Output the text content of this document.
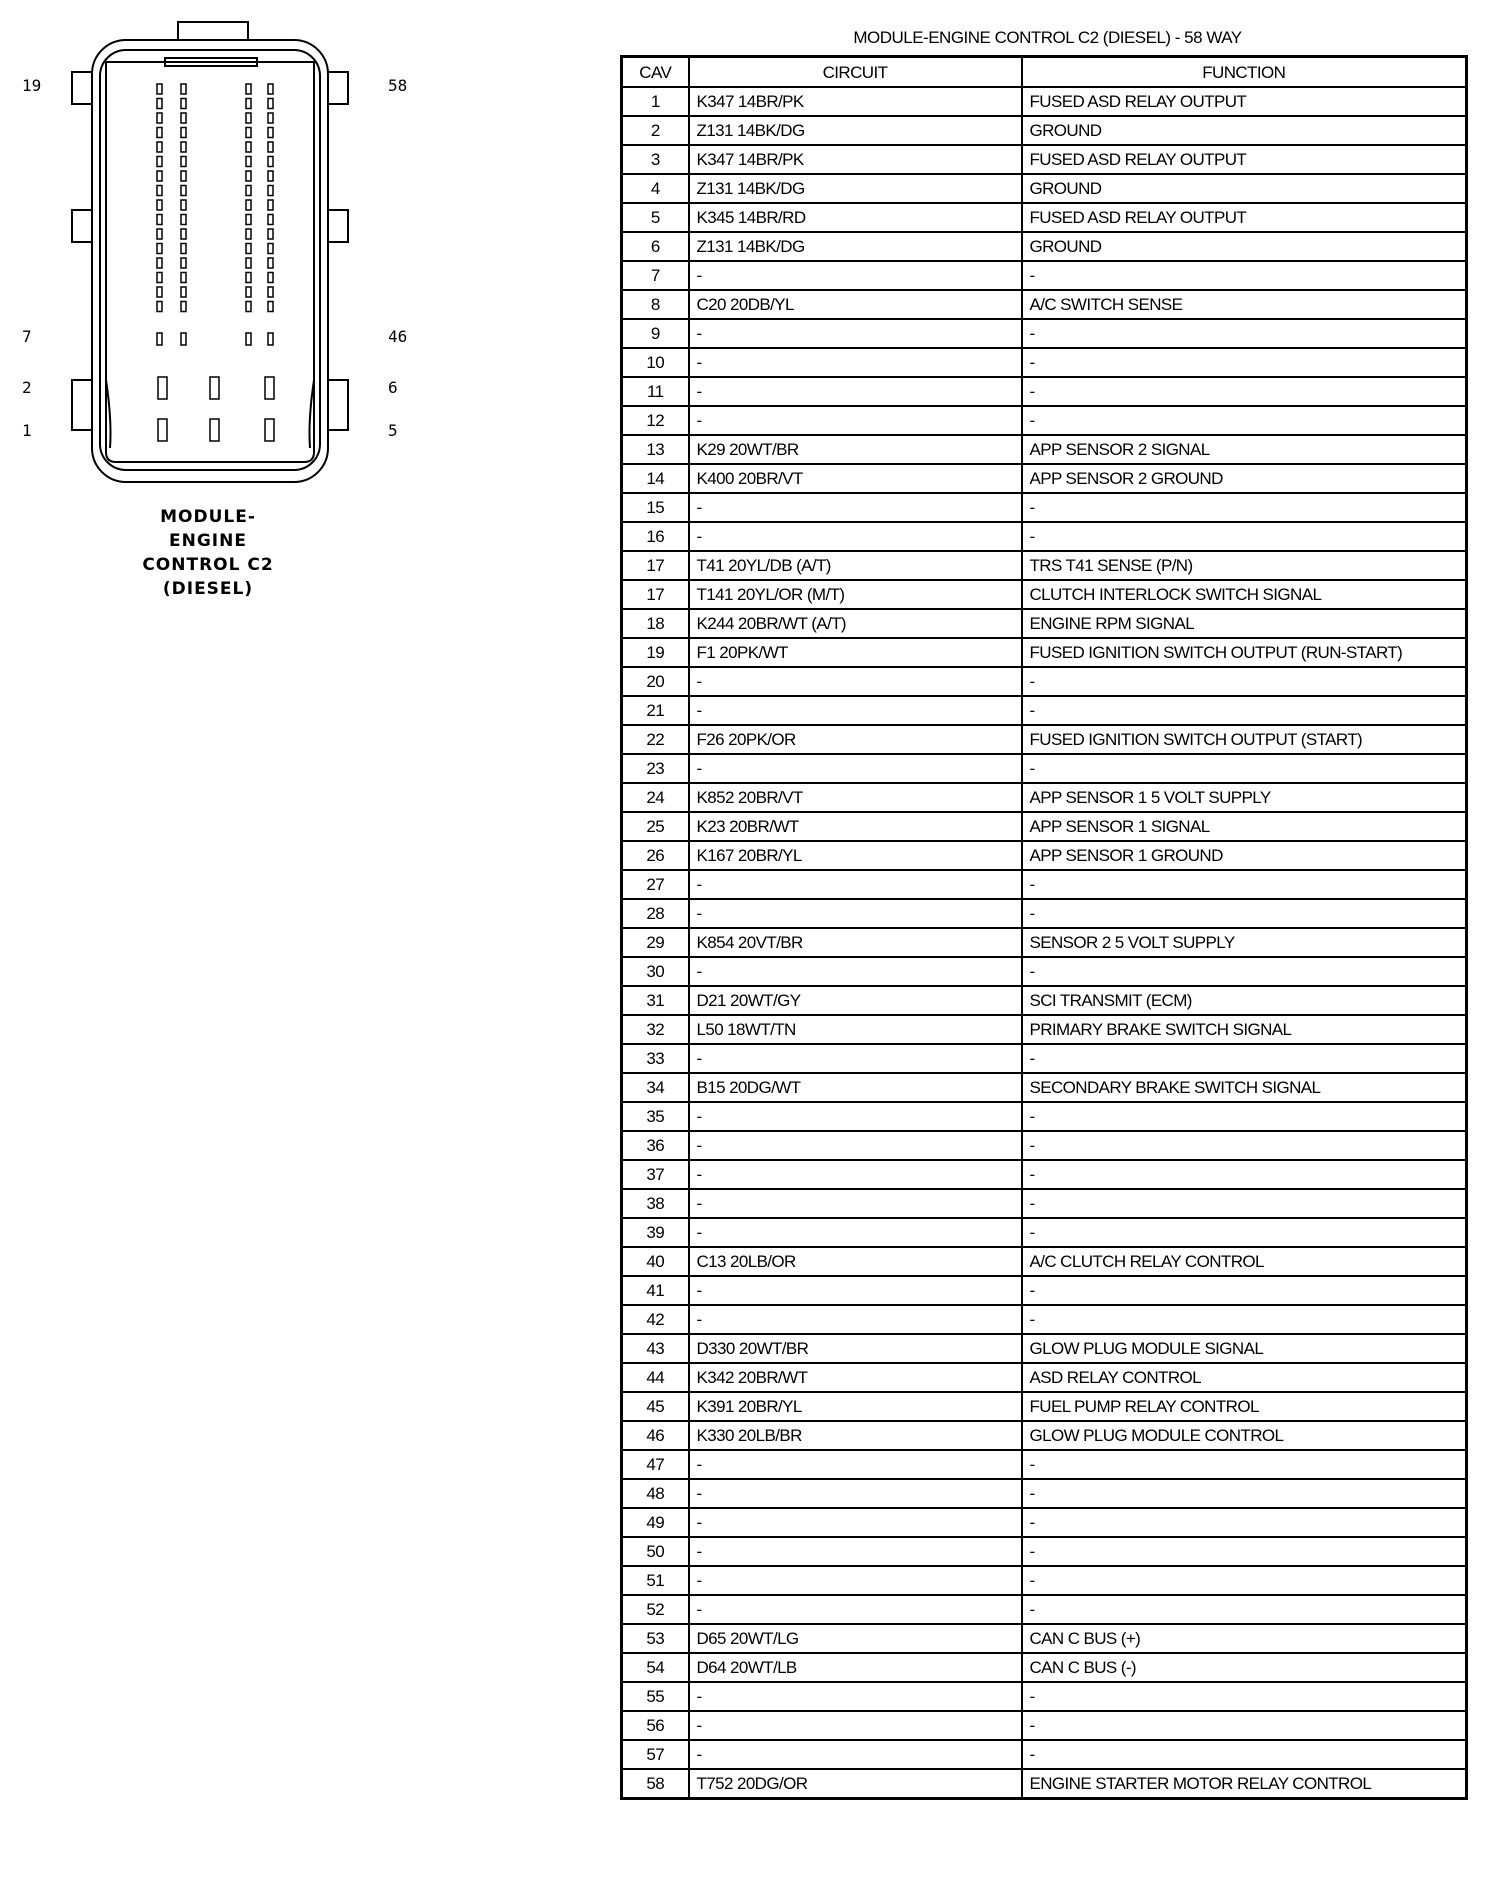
19
7
2
1
58
46
6
5
MODULE-
ENGINE
CONTROL C2
(DIESEL)
MODULE-ENGINE CONTROL C2 (DIESEL) - 58 WAY
CAV	CIRCUIT	FUNCTION
1	K347 14BR/PK	FUSED ASD RELAY OUTPUT
2	Z131 14BK/DG	GROUND
3	K347 14BR/PK	FUSED ASD RELAY OUTPUT
4	Z131 14BK/DG	GROUND
5	K345 14BR/RD	FUSED ASD RELAY OUTPUT
6	Z131 14BK/DG	GROUND
7	-	-
8	C20 20DB/YL	A/C SWITCH SENSE
9	-	-
10	-	-
11	-	-
12	-	-
13	K29 20WT/BR	APP SENSOR 2 SIGNAL
14	K400 20BR/VT	APP SENSOR 2 GROUND
15	-	-
16	-	-
17	T41 20YL/DB (A/T)	TRS T41 SENSE (P/N)
17	T141 20YL/OR (M/T)	CLUTCH INTERLOCK SWITCH SIGNAL
18	K244 20BR/WT (A/T)	ENGINE RPM SIGNAL
19	F1 20PK/WT	FUSED IGNITION SWITCH OUTPUT (RUN-START)
20	-	-
21	-	-
22	F26 20PK/OR	FUSED IGNITION SWITCH OUTPUT (START)
23	-	-
24	K852 20BR/VT	APP SENSOR 1 5 VOLT SUPPLY
25	K23 20BR/WT	APP SENSOR 1 SIGNAL
26	K167 20BR/YL	APP SENSOR 1 GROUND
27	-	-
28	-	-
29	K854 20VT/BR	SENSOR 2 5 VOLT SUPPLY
30	-	-
31	D21 20WT/GY	SCI TRANSMIT (ECM)
32	L50 18WT/TN	PRIMARY BRAKE SWITCH SIGNAL
33	-	-
34	B15 20DG/WT	SECONDARY BRAKE SWITCH SIGNAL
35	-	-
36	-	-
37	-	-
38	-	-
39	-	-
40	C13 20LB/OR	A/C CLUTCH RELAY CONTROL
41	-	-
42	-	-
43	D330 20WT/BR	GLOW PLUG MODULE SIGNAL
44	K342 20BR/WT	ASD RELAY CONTROL
45	K391 20BR/YL	FUEL PUMP RELAY CONTROL
46	K330 20LB/BR	GLOW PLUG MODULE CONTROL
47	-	-
48	-	-
49	-	-
50	-	-
51	-	-
52	-	-
53	D65 20WT/LG	CAN C BUS (+)
54	D64 20WT/LB	CAN C BUS (-)
55	-	-
56	-	-
57	-	-
58	T752 20DG/OR	ENGINE STARTER MOTOR RELAY CONTROL
